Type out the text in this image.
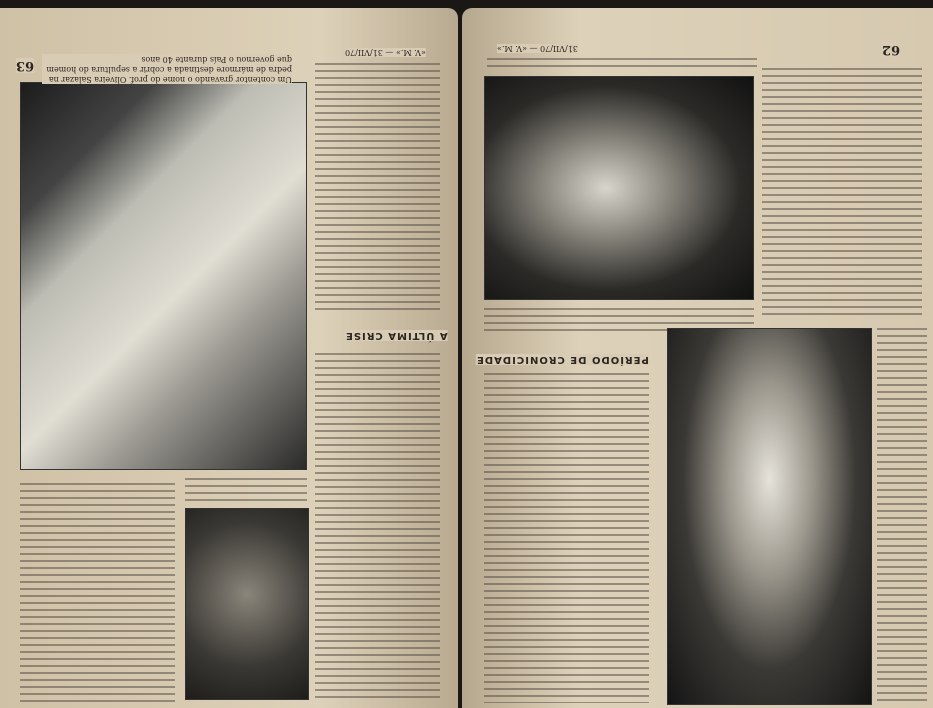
63
Um contentor gravando o nome do prof. Oliveira Salazar na pedra de mármore destinada a cobrir a sepultura do homem que governou o País durante 40 anos
«V. M.» — 31/VII/70
A ÚLTIMA CRISE
31/VII/70 — «V. M.»	62
PERÍODO DE CRONICIDADE
